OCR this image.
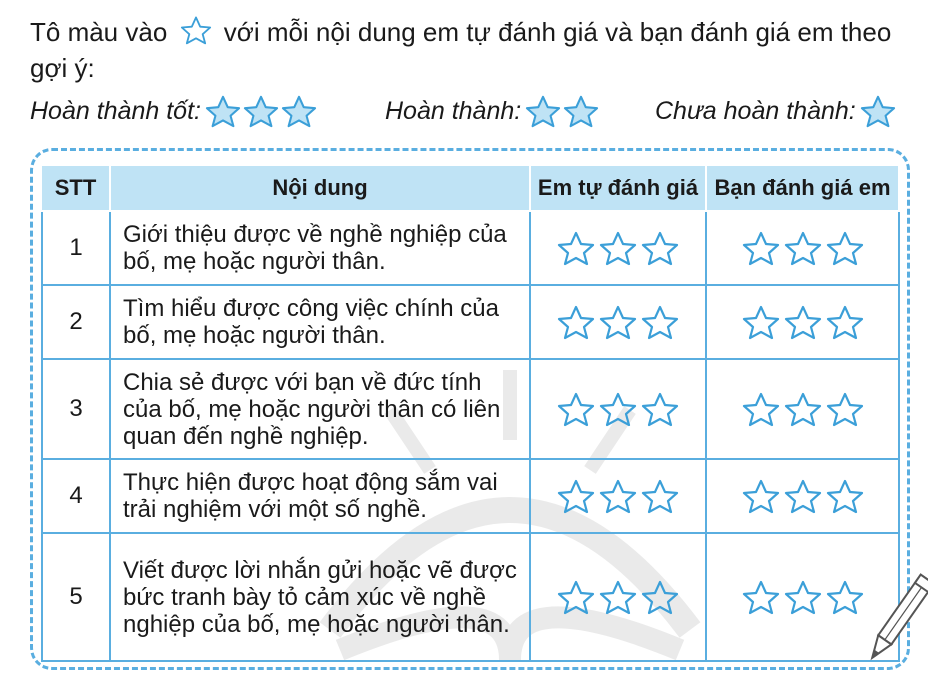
Tô màu vào với mỗi nội dung em tự đánh giá và bạn đánh giá em theo gợi ý:
Hoàn thành tốt:	Hoàn thành:	Chưa hoàn thành:
STT	Nội dung	Em tự đánh giá	Bạn đánh giá em
1	Giới thiệu được về nghề nghiệp của bố, mẹ hoặc người thân.	

2	Tìm hiểu được công việc chính của bố, mẹ hoặc người thân.	

3	Chia sẻ được với bạn về đức tính của bố, mẹ hoặc người thân có liên quan đến nghề nghiệp.	

4	Thực hiện được hoạt động sắm vai trải nghiệm với một số nghề.	

5	Viết được lời nhắn gửi hoặc vẽ được bức tranh bày tỏ cảm xúc về nghề nghiệp của bố, mẹ hoặc người thân.	
